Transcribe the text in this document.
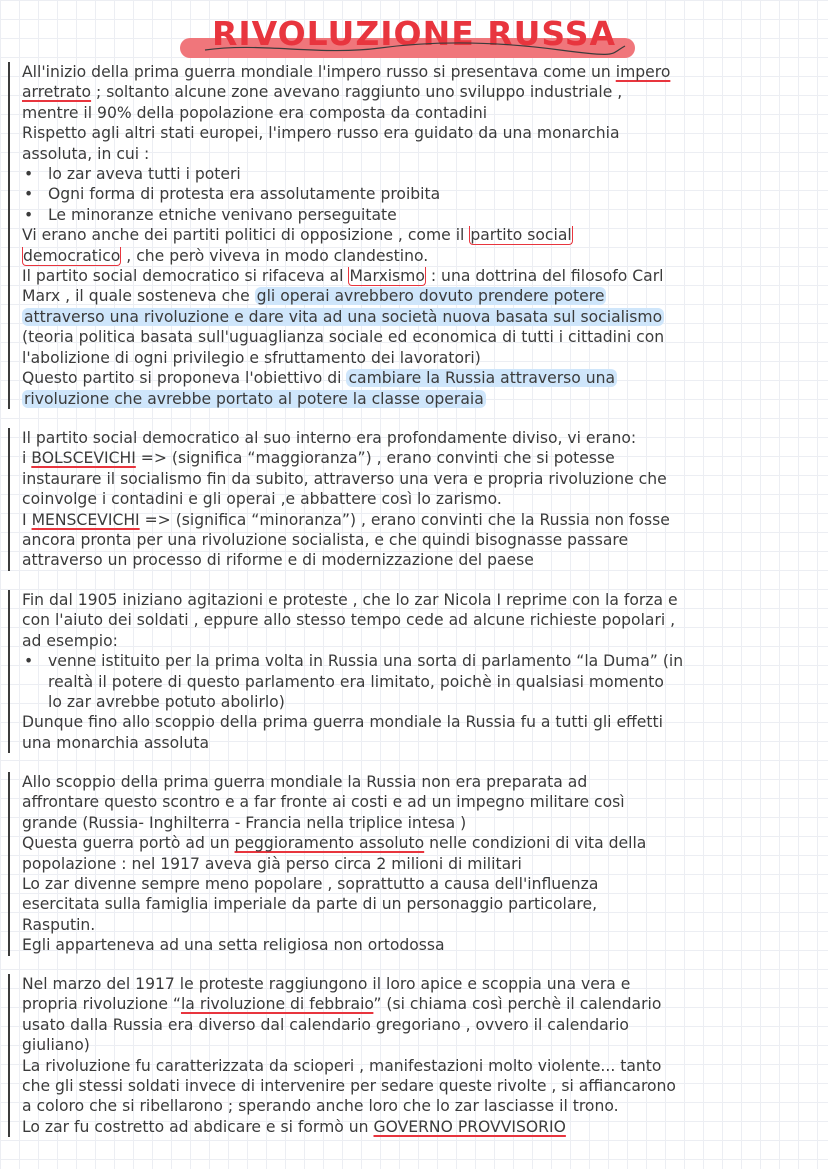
RIVOLUZIONE RUSSA

All'inizio della prima guerra mondiale l'impero russo si presentava come un impero

arretrato ; soltanto alcune zone avevano raggiunto uno sviluppo industriale ,

mentre il 90% della popolazione era composta da contadini

Rispetto agli altri stati europei, l'impero russo era guidato da una monarchia

assoluta, in cui :

• lo zar aveva tutti i poteri

• Ogni forma di protesta era assolutamente proibita

• Le minoranze etniche venivano perseguitate

Vi erano anche dei partiti politici di opposizione , come il partito social

democratico , che però viveva in modo clandestino.

Il partito social democratico si rifaceva al Marxismo : una dottrina del filosofo Carl

Marx , il quale sosteneva che gli operai avrebbero dovuto prendere potere

attraverso una rivoluzione e dare vita ad una società nuova basata sul socialismo

(teoria politica basata sull'uguaglianza sociale ed economica di tutti i cittadini con

l'abolizione di ogni privilegio e sfruttamento dei lavoratori)

Questo partito si proponeva l'obiettivo di cambiare la Russia attraverso una

rivoluzione che avrebbe portato al potere la classe operaia

Il partito social democratico al suo interno era profondamente diviso, vi erano:

i BOLSCEVICHI => (significa “maggioranza”) , erano convinti che si potesse

instaurare il socialismo fin da subito, attraverso una vera e propria rivoluzione che

coinvolge i contadini e gli operai ,e abbattere così lo zarismo.

I MENSCEVICHI => (significa “minoranza”) , erano convinti che la Russia non fosse

ancora pronta per una rivoluzione socialista, e che quindi bisognasse passare

attraverso un processo di riforme e di modernizzazione del paese

Fin dal 1905 iniziano agitazioni e proteste , che lo zar Nicola I reprime con la forza e

con l'aiuto dei soldati , eppure allo stesso tempo cede ad alcune richieste popolari ,

ad esempio:

• venne istituito per la prima volta in Russia una sorta di parlamento “la Duma” (in

realtà il potere di questo parlamento era limitato, poichè in qualsiasi momento

lo zar avrebbe potuto abolirlo)

Dunque fino allo scoppio della prima guerra mondiale la Russia fu a tutti gli effetti

una monarchia assoluta

Allo scoppio della prima guerra mondiale la Russia non era preparata ad

affrontare questo scontro e a far fronte ai costi e ad un impegno militare così

grande (Russia- Inghilterra - Francia nella triplice intesa )

Questa guerra portò ad un peggioramento assoluto nelle condizioni di vita della

popolazione : nel 1917 aveva già perso circa 2 milioni di militari

Lo zar divenne sempre meno popolare , soprattutto a causa dell'influenza

esercitata sulla famiglia imperiale da parte di un personaggio particolare,

Rasputin.

Egli apparteneva ad una setta religiosa non ortodossa

Nel marzo del 1917 le proteste raggiungono il loro apice e scoppia una vera e

propria rivoluzione “la rivoluzione di febbraio” (si chiama così perchè il calendario

usato dalla Russia era diverso dal calendario gregoriano , ovvero il calendario

giuliano)

La rivoluzione fu caratterizzata da scioperi , manifestazioni molto violente... tanto

che gli stessi soldati invece di intervenire per sedare queste rivolte , si affiancarono

a coloro che si ribellarono ; sperando anche loro che lo zar lasciasse il trono.

Lo zar fu costretto ad abdicare e si formò un GOVERNO PROVVISORIO
